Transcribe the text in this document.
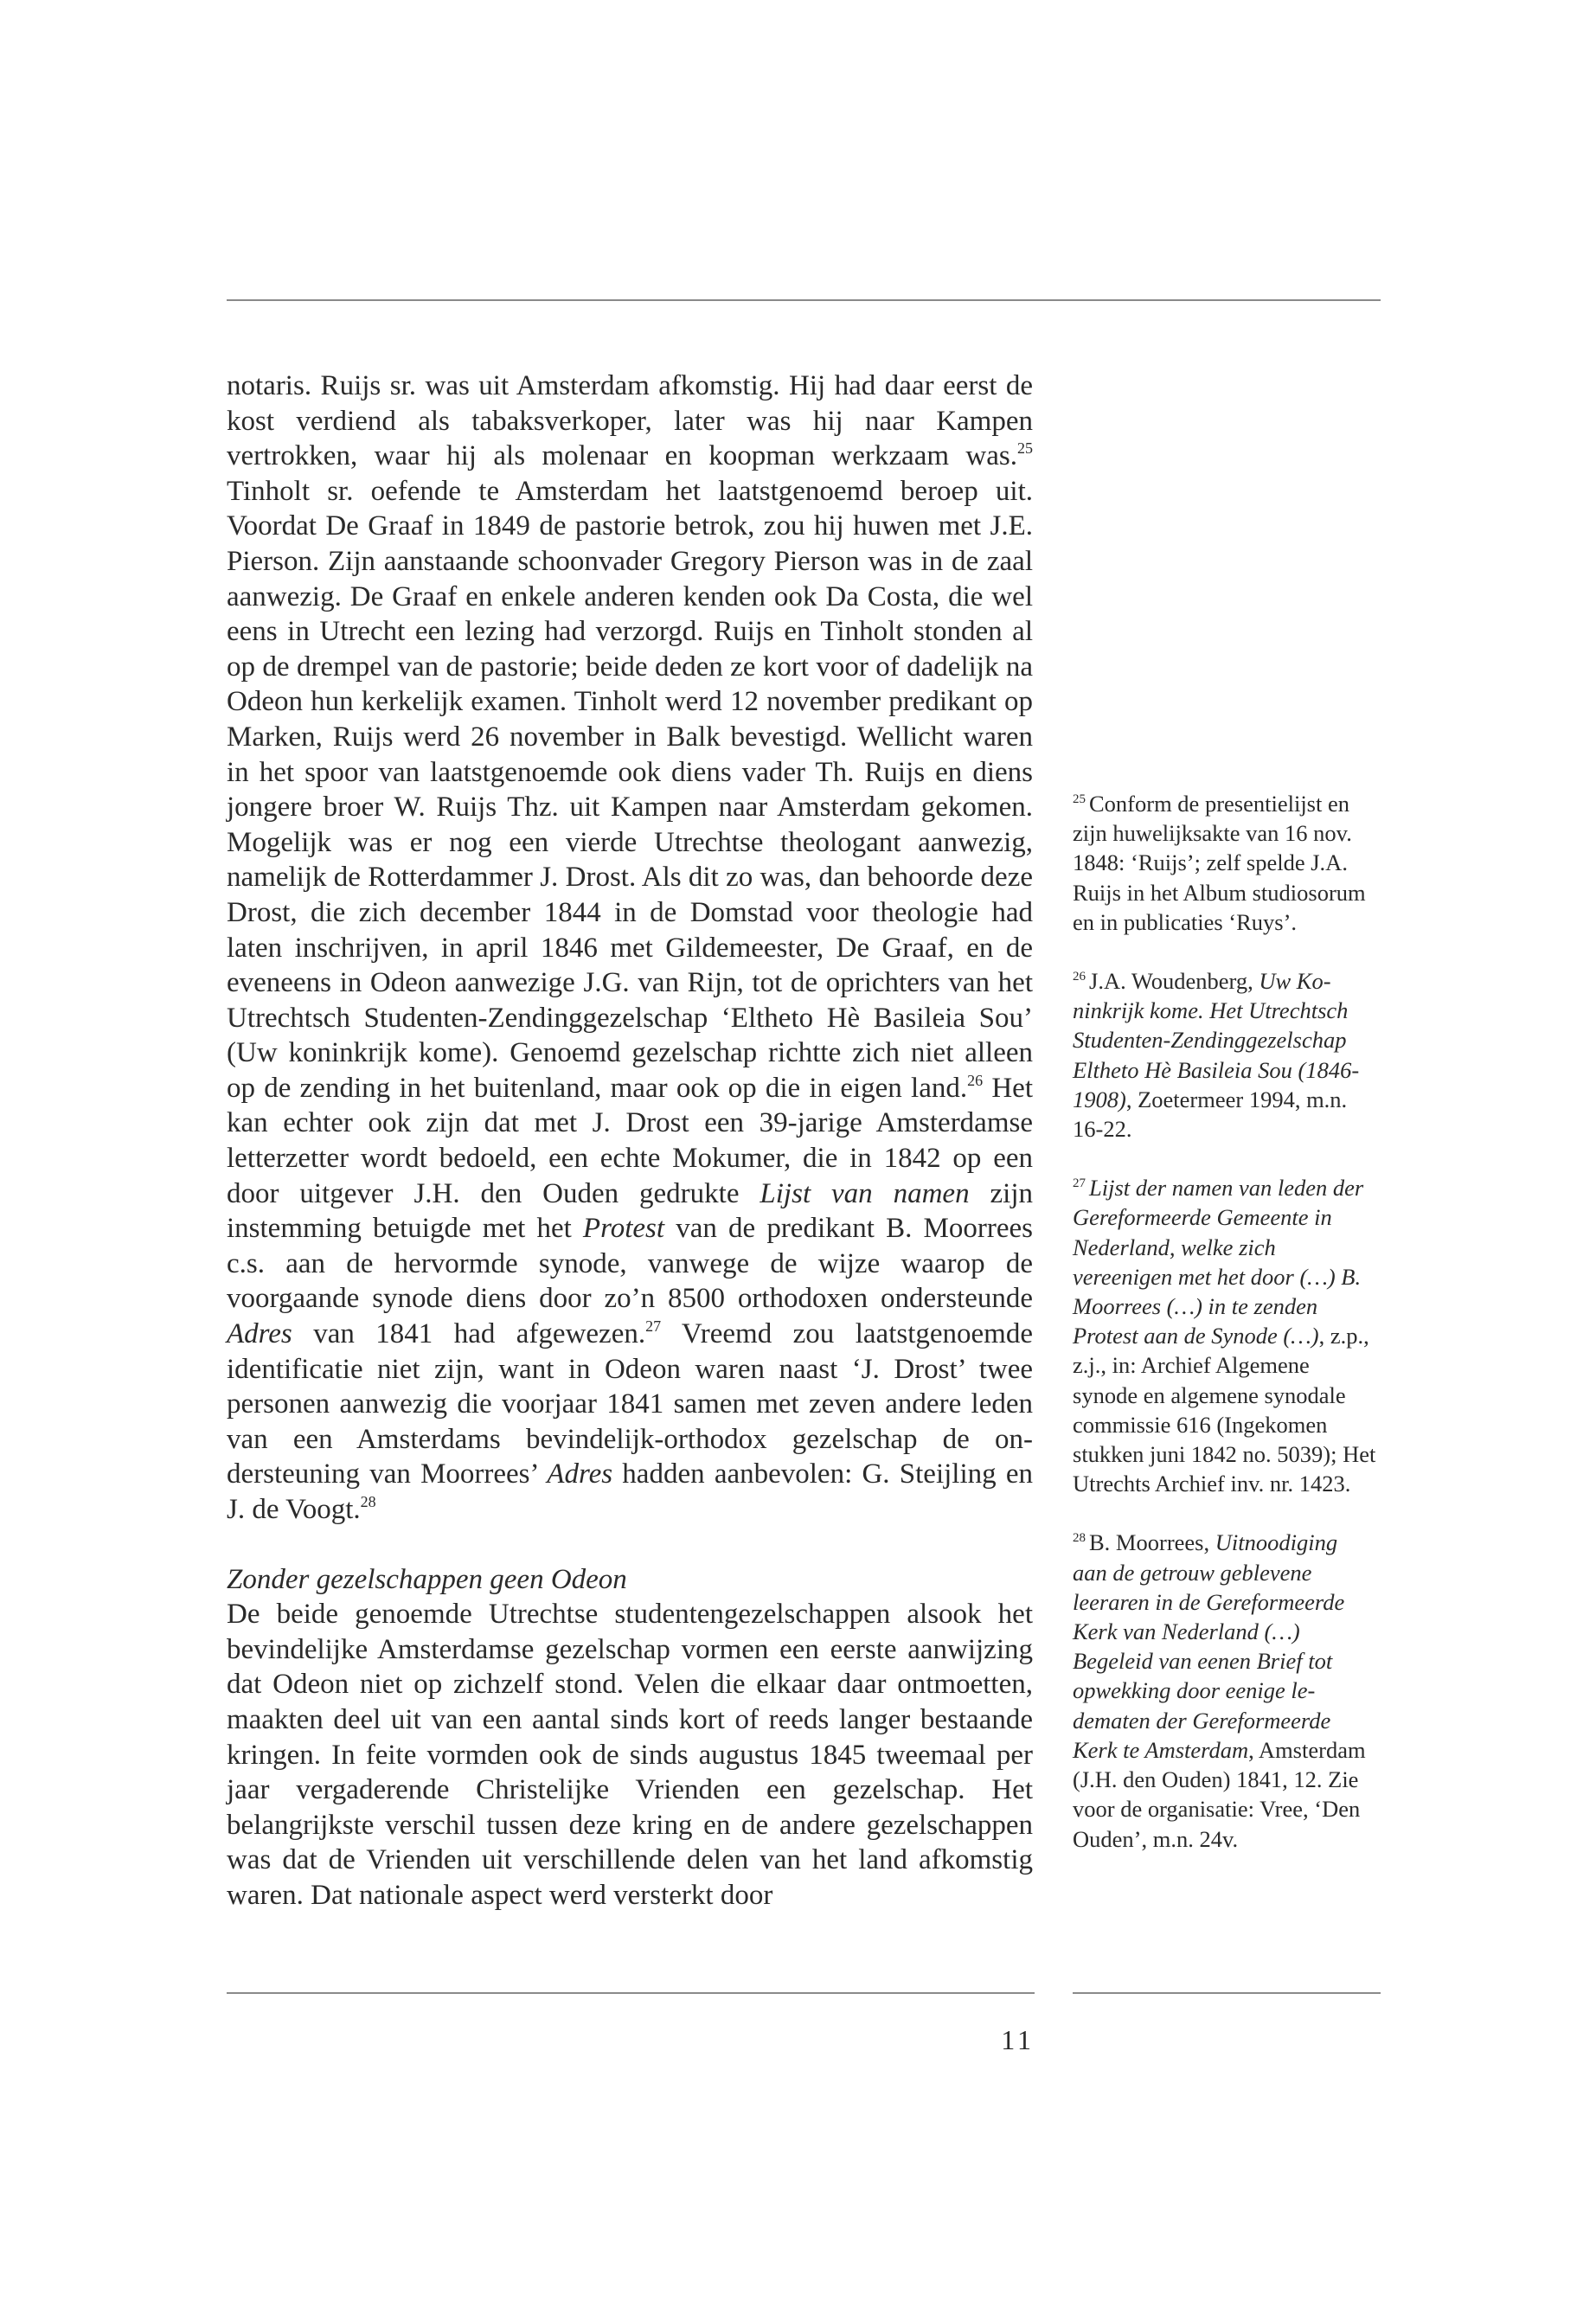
notaris. Ruijs sr. was uit Amsterdam afkomstig. Hij had daar eerst de kost verdiend als tabaksverkoper, later was hij naar Kampen vertrokken, waar hij als molenaar en koopman werkzaam was.$^{25}$ Tinholt sr. oefende te Amsterdam het laatstgenoemd beroep uit. Voordat De Graaf in 1849 de pastorie betrok, zou hij huwen met J.E. Pierson. Zijn aanstaande schoonvader Gregory Pierson was in de zaal aanwezig. De Graaf en enkele anderen kenden ook Da Costa, die wel eens in Utrecht een lezing had verzorgd. Ruijs en Tinholt stonden al op de drempel van de pastorie; beide deden ze kort voor of dadelijk na Odeon hun kerkelijk examen. Tinholt werd 12 november predikant op Marken, Ruijs werd 26 november in Balk bevestigd. Wellicht waren in het spoor van laatstgenoemde ook diens vader Th. Ruijs en diens jongere broer W. Ruijs Thz. uit Kampen naar Amsterdam gekomen. Mogelijk was er nog een vierde Utrechtse theologant aanwezig, namelijk de Rotterdammer J. Drost. Als dit zo was, dan behoorde deze Drost, die zich december 1844 in de Domstad voor theologie had laten inschrijven, in april 1846 met Gildemeester, De Graaf, en de eveneens in Odeon aanwezige J.G. van Rijn, tot de oprichters van het Utrechtsch Studenten-Zendinggezelschap ‘Eltheto Hè Basileia Sou’ (Uw koninkrijk kome). Genoemd gezelschap richtte zich niet alleen op de zending in het buitenland, maar ook op die in eigen land.$^{26}$ Het kan echter ook zijn dat met J. Drost een 39-jarige Amsterdamse letterzetter wordt bedoeld, een echte Mokumer, die in 1842 op een door uitgever J.H. den Ouden gedrukte Lijst van namen zijn instemming betuigde met het Protest van de predikant B. Moorrees c.s. aan de hervormde synode, vanwege de wijze waarop de voorgaande synode diens door zo’n 8500 orthodoxen ondersteunde Adres van 1841 had afgewezen.$^{27}$ Vreemd zou laatstgenoemde identificatie niet zijn, want in Odeon waren naast ‘J. Drost’ twee personen aanwezig die voorjaar 1841 samen met zeven andere leden van een Amsterdams bevindelijk-orthodox gezelschap de ondersteuning van Moorrees’ Adres hadden aanbevolen: G. Steijling en J. de Voogt.$^{28}$

Zonder gezelschappen geen Odeon

De beide genoemde Utrechtse studentengezelschappen alsook het bevindelijke Amsterdamse gezelschap vormen een eerste aanwijzing dat Odeon niet op zichzelf stond. Velen die elkaar daar ontmoetten, maakten deel uit van een aantal sinds kort of reeds langer bestaande kringen. In feite vormden ook de sinds augustus 1845 tweemaal per jaar vergaderende Christelijke Vrienden een gezelschap. Het belangrijkste verschil tussen deze kring en de andere gezelschappen was dat de Vrienden uit verschillende delen van het land afkomstig waren. Dat nationale aspect werd versterkt door

$^{25}$ Conform de presentielijst en zijn huwelijksakte van 16 nov. 1848: ‘Ruijs’; zelf spelde J.A. Ruijs in het Album studiosorum en in publicaties ‘Ruys’.

$^{26}$ J.A. Woudenberg, Uw Koninkrijk kome. Het Utrechtsch Studenten-Zendinggezelschap Eltheto Hè Basileia Sou (1846-1908), Zoetermeer 1994, m.n. 16-22.

$^{27}$ Lijst der namen van leden der Gereformeerde Gemeente in Nederland, welke zich vereenigen met het door (…) B. Moorrees (…) in te zenden Protest aan de Synode (…), z.p., z.j., in: Archief Algemene synode en algemene synodale commissie 616 (Ingekomen stukken juni 1842 no. 5039); Het Utrechts Archief inv. nr. 1423.

$^{28}$ B. Moorrees, Uitnoodiging aan de getrouw geblevene leeraren in de Gereformeerde Kerk van Nederland (…) Begeleid van eenen Brief tot opwekking door eenige ledematen der Gereformeerde Kerk te Amsterdam, Amsterdam (J.H. den Ouden) 1841, 12. Zie voor de organisatie: Vree, ‘Den Ouden’, m.n. 24v.

11
